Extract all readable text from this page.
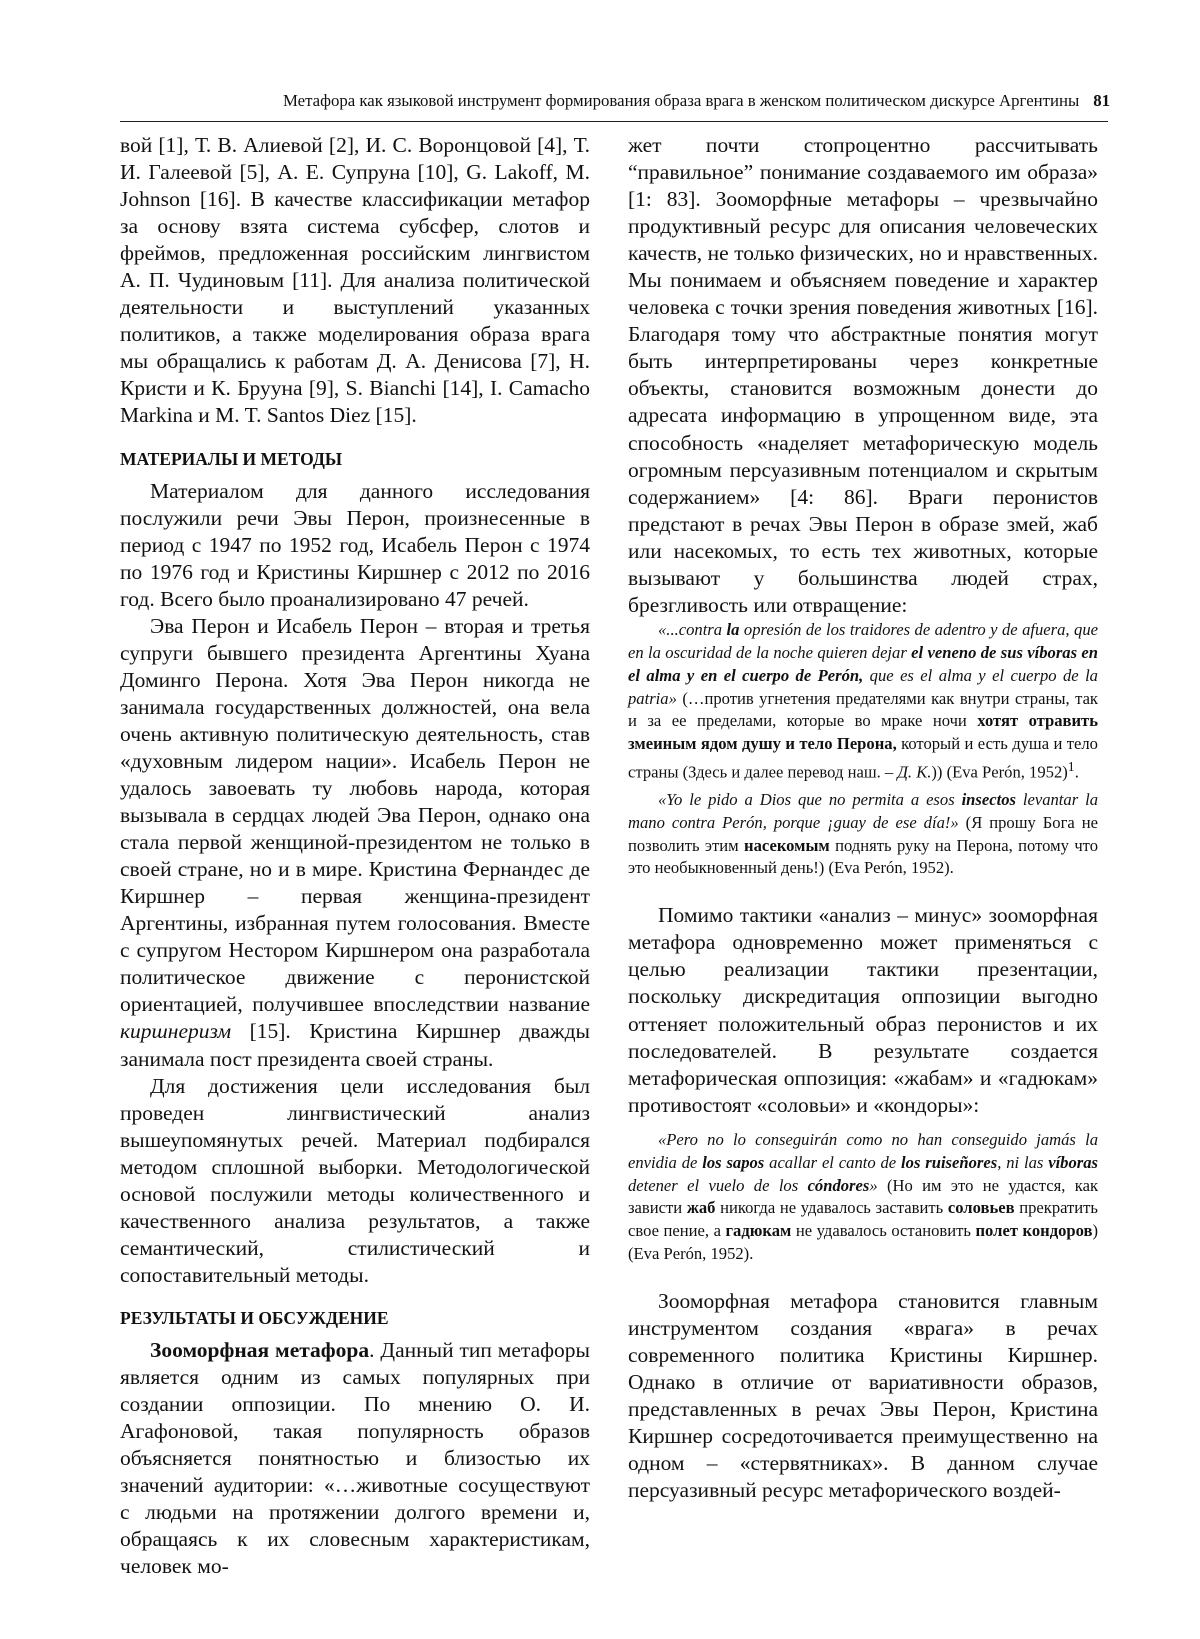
Метафора как языковой инструмент формирования образа врага в женском политическом дискурсе Аргентины 81

вой [1], Т. В. Алиевой [2], И. С. Воронцовой [4], Т. И. Галеевой [5], А. Е. Супруна [10], G. Lakoff, M. Johnson [16]. В качестве классификации метафор за основу взята система субсфер, слотов и фреймов, предложенная российским лингвистом А. П. Чудиновым [11]. Для анализа политической деятельности и выступлений указанных политиков, а также моделирования образа врага мы обращались к работам Д. А. Денисова [7], Н. Кристи и К. Брууна [9], S. Bianchi [14], I. Camacho Markina и M. T. Santos Diez [15].

МАТЕРИАЛЫ И МЕТОДЫ

Материалом для данного исследования послужили речи Эвы Перон, произнесенные в период с 1947 по 1952 год, Исабель Перон с 1974 по 1976 год и Кристины Киршнер с 2012 по 2016 год. Всего было проанализировано 47 речей.

Эва Перон и Исабель Перон – вторая и третья супруги бывшего президента Аргентины Хуана Доминго Перона. Хотя Эва Перон никогда не занимала государственных должностей, она вела очень активную политическую деятельность, став «духовным лидером нации». Исабель Перон не удалось завоевать ту любовь народа, которая вызывала в сердцах людей Эва Перон, однако она стала первой женщиной-президентом не только в своей стране, но и в мире. Кристина Фернандес де Киршнер – первая женщина-президент Аргентины, избранная путем голосования. Вместе с супругом Нестором Киршнером она разработала политическое движение с перонистской ориентацией, получившее впоследствии название киршнеризм [15]. Кристина Киршнер дважды занимала пост президента своей страны.

Для достижения цели исследования был проведен лингвистический анализ вышеупомянутых речей. Материал подбирался методом сплошной выборки. Методологической основой послужили методы количественного и качественного анализа результатов, а также семантический, стилистический и сопоставительный методы.

РЕЗУЛЬТАТЫ И ОБСУЖДЕНИЕ

Зооморфная метафора. Данный тип метафоры является одним из самых популярных при создании оппозиции. По мнению О. И. Агафоновой, такая популярность образов объясняется понятностью и близостью их значений аудитории: «…животные сосуществуют с людьми на протяжении долгого времени и, обращаясь к их словесным характеристикам, человек мо-

жет почти стопроцентно рассчитывать “правильное” понимание создаваемого им образа» [1: 83]. Зооморфные метафоры – чрезвычайно продуктивный ресурс для описания человеческих качеств, не только физических, но и нравственных. Мы понимаем и объясняем поведение и характер человека с точки зрения поведения животных [16]. Благодаря тому что абстрактные понятия могут быть интерпретированы через конкретные объекты, становится возможным донести до адресата информацию в упрощенном виде, эта способность «наделяет метафорическую модель огромным персуазивным потенциалом и скрытым содержанием» [4: 86]. Враги перонистов предстают в речах Эвы Перон в образе змей, жаб или насекомых, то есть тех животных, которые вызывают у большинства людей страх, брезгливость или отвращение:

«...contra la opresión de los traidores de adentro y de afuera, que en la oscuridad de la noche quieren dejar el veneno de sus víboras en el alma y en el cuerpo de Perón, que es el alma y el cuerpo de la patria» (…против угнетения предателями как внутри страны, так и за ее пределами, которые во мраке ночи хотят отравить змеиным ядом душу и тело Перона, который и есть душа и тело страны (Здесь и далее перевод наш. – Д. К.)) (Eva Perón, 1952)$^1$.

«Yo le pido a Dios que no permita a esos insectos levantar la mano contra Perón, porque ¡guay de ese día!» (Я прошу Бога не позволить этим насекомым поднять руку на Перона, потому что это необыкновенный день!) (Eva Perón, 1952).

Помимо тактики «анализ – минус» зооморфная метафора одновременно может применяться с целью реализации тактики презентации, поскольку дискредитация оппозиции выгодно оттеняет положительный образ перонистов и их последователей. В результате создается метафорическая оппозиция: «жабам» и «гадюкам» противостоят «соловьи» и «кондоры»:

«Pero no lo conseguirán como no han conseguido jamás la envidia de los sapos acallar el canto de los ruiseñores, ni las víboras detener el vuelo de los cóndores» (Но им это не удастся, как зависти жаб никогда не удавалось заставить соловьев прекратить свое пение, а гадюкам не удавалось остановить полет кондоров) (Eva Perón, 1952).

Зооморфная метафора становится главным инструментом создания «врага» в речах современного политика Кристины Киршнер. Однако в отличие от вариативности образов, представленных в речах Эвы Перон, Кристина Киршнер сосредоточивается преимущественно на одном – «стервятниках». В данном случае персуазивный ресурс метафорического воздей-
